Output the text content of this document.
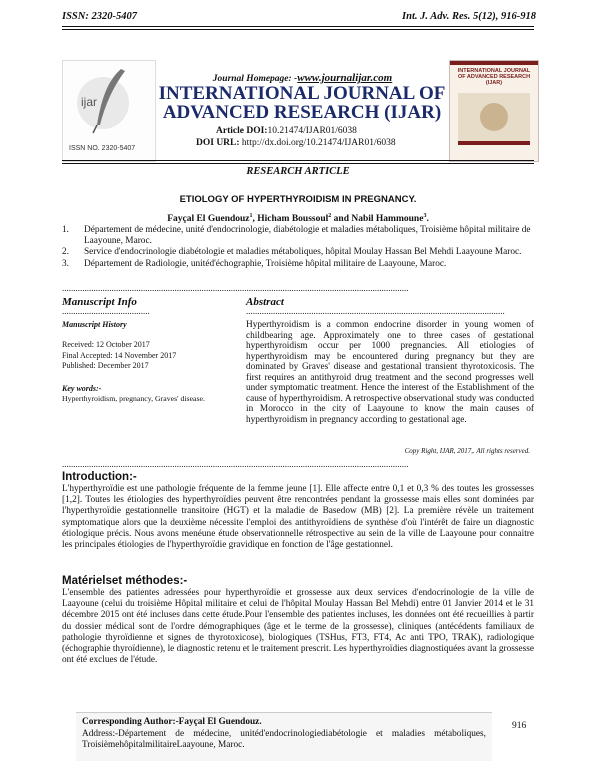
ISSN: 2320-5407	Int. J. Adv. Res. 5(12), 916-918
ijar
ISSN NO. 2320-5407
Journal Homepage: -www.journalijar.com
INTERNATIONAL JOURNAL OF
ADVANCED RESEARCH (IJAR)
Article DOI:10.21474/IJAR01/6038
DOI URL: http://dx.doi.org/10.21474/IJAR01/6038
INTERNATIONAL JOURNAL OF ADVANCED RESEARCH (IJAR)
RESEARCH ARTICLE
ETIOLOGY OF HYPERTHYROIDISM IN PREGNANCY.
Fayçal El Guendouz$^1$, Hicham Boussoul$^2$ and Nabil Hammoune$^3$.
1.	Département de médecine, unité d'endocrinologie, diabétologie et maladies métaboliques, Troisième hôpital militaire de Laayoune, Maroc.
2.	Service d'endocrinologie diabétologie et maladies métaboliques, hôpital Moulay Hassan Bel Mehdi Laayoune Maroc.
3.	Département de Radiologie, unitéd'échographie, Troisième hôpital militaire de Laayoune, Maroc.
..........................................................................................................................................................
Manuscript Info
.......................................
Manuscript History
Received: 12 October 2017
Final Accepted: 14 November 2017
Published: December 2017
Key words:-
Hyperthyroidism, pregnancy, Graves' disease.
Abstract
...................................................................................................................
Hyperthyroidism is a common endocrine disorder in young women of childbearing age. Approximately one to three cases of gestational hyperthyroidism occur per 1000 pregnancies. All etiologies of hyperthyroidism may be encountered during pregnancy but they are dominated by Graves' disease and gestational transient thyrotoxicosis. The first requires an antithyroid drug treatment and the second progresses well under symptomatic treatment. Hence the interest of the Establishment of the cause of hyperthyroidism. A retrospective observational study was conducted in Morocco in the city of Laayoune to know the main causes of hyperthyroidism in pregnancy according to gestational age.
Copy Right, IJAR, 2017,. All rights reserved.
..........................................................................................................................................................
Introduction:-
L'hyperthyroïdie est une pathologie fréquente de la femme jeune [1]. Elle affecte entre 0,1 et 0,3 % des toutes les grossesses [1,2]. Toutes les étiologies des hyperthyroïdies peuvent être rencontrées pendant la grossesse mais elles sont dominées par l'hyperthyroïdie gestationnelle transitoire (HGT) et la maladie de Basedow (MB) [2]. La première révèle un traitement symptomatique alors que la deuxième nécessite l'emploi des antithyroïdiens de synthèse d'où l'intérêt de faire un diagnostic étiologique précis. Nous avons menéune étude observationnelle rétrospective au sein de la ville de Laayoune pour connaitre les principales étiologies de l'hyperthyroïdie gravidique en fonction de l'âge gestationnel.
Matérielset méthodes:-
L'ensemble des patientes adressées pour hyperthyroïdie et grossesse aux deux services d'endocrinologie de la ville de Laayoune (celui du troisième Hôpital militaire et celui de l'hôpital Moulay Hassan Bel Mehdi) entre 01 Janvier 2014 et le 31 décembre 2015 ont été incluses dans cette étude.Pour l'ensemble des patientes incluses, les données ont été recueillies à partir du dossier médical sont de l'ordre démographiques (âge et le terme de la grossesse), cliniques (antécédents familiaux de pathologie thyroïdienne et signes de thyrotoxicose), biologiques (TSHus, FT3, FT4, Ac anti TPO, TRAK), radiologique (échographie thyroïdienne), le diagnostic retenu et le traitement prescrit. Les hyperthyroïdies diagnostiquées avant la grossesse ont été exclues de l'étude.
Corresponding Author:-Fayçal El Guendouz.
Address:-Département de médecine, unitéd'endocrinologiediabétologie et maladies métaboliques, TroisièmehôpitalmilitaireLaayoune, Maroc.
916
